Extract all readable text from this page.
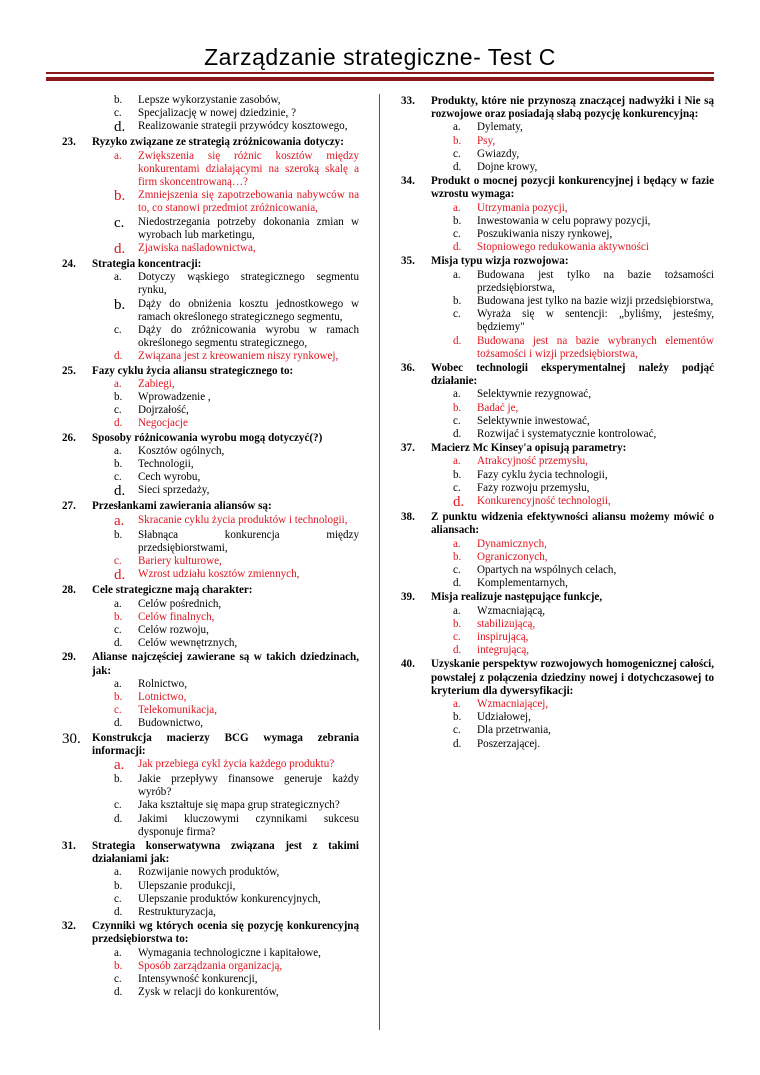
Zarządzanie strategiczne- Test C
b.	Lepsze wykorzystanie zasobów,
c.	Specjalizację w nowej dziedzinie, ?
d.	Realizowanie strategii przywódcy kosztowego,
23.	Ryzyko związane ze strategią zróżnicowania dotyczy:
a.	Zwiększenia się różnic kosztów między konkurentami działającymi na szeroką skalę a firm skoncentrowaną…?
b.	Zmniejszenia się zapotrzebowania nabywców na to, co stanowi przedmiot zróżnicowania,
c.	Niedostrzegania potrzeby dokonania zmian w wyrobach lub marketingu,
d.	Zjawiska naśladownictwa,
24.	Strategia koncentracji:
a.	Dotyczy wąskiego strategicznego segmentu rynku,
b.	Dąży do obniżenia kosztu jednostkowego w ramach określonego strategicznego segmentu,
c.	Dąży do zróżnicowania wyrobu w ramach określonego segmentu strategicznego,
d.	Związana jest z kreowaniem niszy rynkowej,
25.	Fazy cyklu życia aliansu strategicznego to:
a.	Zabiegi,
b.	Wprowadzenie ,
c.	Dojrzałość,
d.	Negocjacje
26.	Sposoby różnicowania wyrobu mogą dotyczyć(?)
a.	Kosztów ogólnych,
b.	Technologii,
c.	Cech wyrobu,
d.	Sieci sprzedaży,
27.	Przesłankami zawierania aliansów są:
a.	Skracanie cyklu życia produktów i technologii,
b.	Słabnąca konkurencja między przedsiębiorstwami,
c.	Bariery kulturowe,
d.	Wzrost udziału kosztów zmiennych,
28.	Cele strategiczne mają charakter:
a.	Celów pośrednich,
b.	Celów finalnych,
c.	Celów rozwoju,
d.	Celów wewnętrznych,
29.	Alianse najczęściej zawierane są w takich dziedzinach, jak:
a.	Rolnictwo,
b.	Lotnictwo,
c.	Telekomunikacja,
d.	Budownictwo,
30.	Konstrukcja macierzy BCG wymaga zebrania informacji:
a.	Jak przebiega cykl życia każdego produktu?
b.	Jakie przepływy finansowe generuje każdy wyrób?
c.	Jaka kształtuje się mapa grup strategicznych?
d.	Jakimi kluczowymi czynnikami sukcesu dysponuje firma?
31.	Strategia konserwatywna związana jest z takimi działaniami jak:
a.	Rozwijanie nowych produktów,
b.	Ulepszanie produkcji,
c.	Ulepszanie produktów konkurencyjnych,
d.	Restrukturyzacja,
32.	Czynniki wg których ocenia się pozycję konkurencyjną przedsiębiorstwa to:
a.	Wymagania technologiczne i kapitałowe,
b.	Sposób zarządzania organizacją,
c.	Intensywność konkurencji,
d.	Zysk w relacji do konkurentów,
33.	Produkty, które nie przynoszą znaczącej nadwyżki i Nie są rozwojowe oraz posiadają słabą pozycję konkurencyjną:
a.	Dylematy,
b.	Psy,
c.	Gwiazdy,
d.	Dojne krowy,
34.	Produkt o mocnej pozycji konkurencyjnej i będący w fazie wzrostu wymaga:
a.	Utrzymania pozycji,
b.	Inwestowania w celu poprawy pozycji,
c.	Poszukiwania niszy rynkowej,
d.	Stopniowego redukowania aktywności
35.	Misja typu wizja rozwojowa:
a.	Budowana jest tylko na bazie tożsamości przedsiębiorstwa,
b.	Budowana jest tylko na bazie wizji przedsiębiorstwa,
c.	Wyraża się w sentencji: „byliśmy, jesteśmy, będziemy"
d.	Budowana jest na bazie wybranych elementów tożsamości i wizji przedsiębiorstwa,
36.	Wobec technologii eksperymentalnej należy podjąć działanie:
a.	Selektywnie rezygnować,
b.	Badać je,
c.	Selektywnie inwestować,
d.	Rozwijać i systematycznie kontrolować,
37.	Macierz Mc Kinsey'a opisują parametry:
a.	Atrakcyjność przemysłu,
b.	Fazy cyklu życia technologii,
c.	Fazy rozwoju przemysłu,
d.	Konkurencyjność technologii,
38.	Z punktu widzenia efektywności aliansu możemy mówić o aliansach:
a.	Dynamicznych,
b.	Ograniczonych,
c.	Opartych na wspólnych celach,
d.	Komplementarnych,
39.	Misja realizuje następujące funkcje,
a.	Wzmacniającą,
b.	stabilizującą,
c.	inspirującą,
d.	integrującą,
40.	Uzyskanie perspektyw rozwojowych homogenicznej całości, powstałej z połączenia dziedziny nowej i dotychczasowej to kryterium dla dywersyfikacji:
a.	Wzmacniającej,
b.	Udziałowej,
c.	Dla przetrwania,
d.	Poszerzającej.
